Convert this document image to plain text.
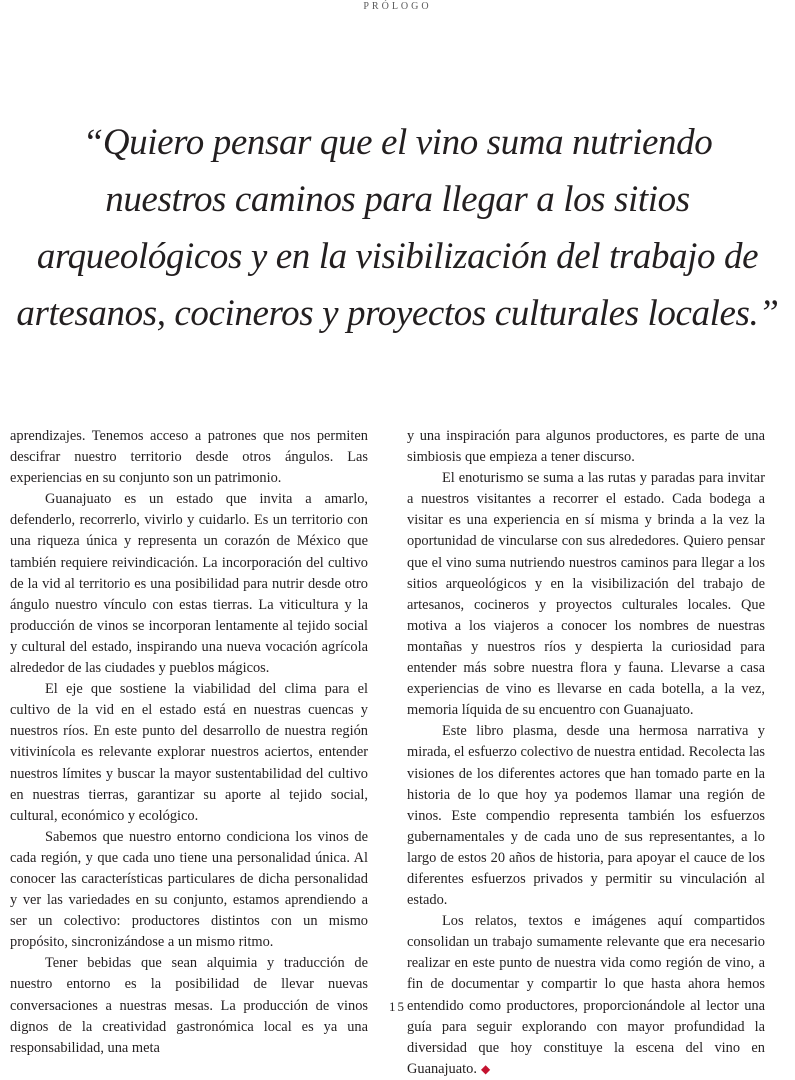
PRÓLOGO
“Quiero pensar que el vino suma nutriendo
nuestros caminos para llegar a los sitios
arqueológicos y en la visibilización del trabajo de
artesanos, cocineros y proyectos culturales locales.”

aprendizajes. Tenemos acceso a patrones que nos permiten descifrar nuestro territorio desde otros ángulos. Las experiencias en su conjunto son un patrimonio.

Guanajuato es un estado que invita a amarlo, defenderlo, recorrerlo, vivirlo y cuidarlo. Es un territorio con una riqueza única y representa un corazón de México que también requiere reivindicación. La incorporación del cultivo de la vid al territorio es una posibilidad para nutrir desde otro ángulo nuestro vínculo con estas tierras. La viticultura y la producción de vinos se incorporan lentamente al tejido social y cultural del estado, inspirando una nueva vocación agrícola alrededor de las ciudades y pueblos mágicos.

El eje que sostiene la viabilidad del clima para el cultivo de la vid en el estado está en nuestras cuencas y nuestros ríos. En este punto del desarrollo de nuestra región vitivinícola es relevante explorar nuestros aciertos, entender nuestros límites y buscar la mayor sustentabilidad del cultivo en nuestras tierras, garantizar su aporte al tejido social, cultural, económico y ecológico.

Sabemos que nuestro entorno condiciona los vinos de cada región, y que cada uno tiene una personalidad única. Al conocer las características particulares de dicha personalidad y ver las variedades en su conjunto, estamos aprendiendo a ser un colectivo: productores distintos con un mismo propósito, sincronizándose a un mismo ritmo.

Tener bebidas que sean alquimia y traducción de nuestro entorno es la posibilidad de llevar nuevas conversaciones a nuestras mesas. La producción de vinos dignos de la creatividad gastronómica local es ya una responsabilidad, una meta

y una inspiración para algunos productores, es parte de una simbiosis que empieza a tener discurso.

El enoturismo se suma a las rutas y paradas para invitar a nuestros visitantes a recorrer el estado. Cada bodega a visitar es una experiencia en sí misma y brinda a la vez la oportunidad de vincularse con sus alrededores. Quiero pensar que el vino suma nutriendo nuestros caminos para llegar a los sitios arqueológicos y en la visibilización del trabajo de artesanos, cocineros y proyectos culturales locales. Que motiva a los viajeros a conocer los nombres de nuestras montañas y nuestros ríos y despierta la curiosidad para entender más sobre nuestra flora y fauna. Llevarse a casa experiencias de vino es llevarse en cada botella, a la vez, memoria líquida de su encuentro con Guanajuato.

Este libro plasma, desde una hermosa narrativa y mirada, el esfuerzo colectivo de nuestra entidad. Recolecta las visiones de los diferentes actores que han tomado parte en la historia de lo que hoy ya podemos llamar una región de vinos. Este compendio representa también los esfuerzos gubernamentales y de cada uno de sus representantes, a lo largo de estos 20 años de historia, para apoyar el cauce de los diferentes esfuerzos privados y permitir su vinculación al estado.

Los relatos, textos e imágenes aquí compartidos consolidan un trabajo sumamente relevante que era necesario realizar en este punto de nuestra vida como región de vino, a fin de documentar y compartir lo que hasta ahora hemos entendido como productores, proporcionándole al lector una guía para seguir explorando con mayor profundidad la diversidad que hoy constituye la escena del vino en Guanajuato. ◆

15
